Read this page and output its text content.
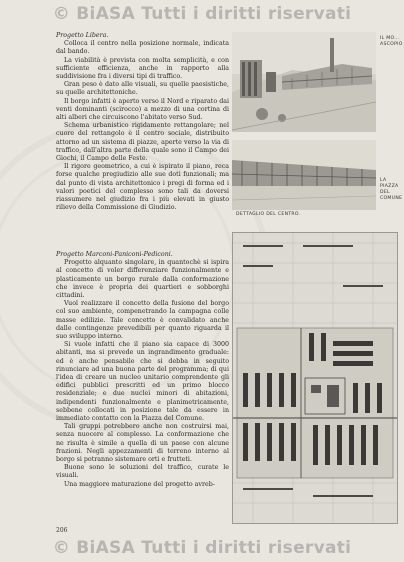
© BiASA Tutti i diritti riservati

Progetto Libera.

Colloca il centro nella posizione normale, indicata dal bando.

La viabilità è prevista con molta semplicità, e con sufficiente efficienza, anche in rapporto alla suddivisione fra i diversi tipi di traffico.

Gran peso è dato alle visuali, su quelle paesistiche, su quelle architettoniche.

Il borgo infatti è aperto verso il Nord e riparato dai venti dominanti (scirocco) a mezzo di una cortina di alti alberi che circuiscono l'abitato verso Sud.

Schema urbanistico rigidamente rettangolare; nel cuore del rettangolo è il centro sociale, distribuito attorno ad un sistema di piazze, aperte verso la via di traffico, dall'altra parte della quale sono il Campo dei Giochi, il Campo delle Feste.

Il rigore geometrico, a cui è ispirato il piano, reca forse qualche pregiudizio alle sue doti funzionali; ma dal punto di vista architettonico i pregi di forma ed i valori poetici del complesso sono tali da doversi riassumere nel giudizio fra i più elevati in giusto rilievo della Commissione di Giudizio.

Progetto Marconi-Paniconi-Pediconi.

Progetto alquanto singolare, in quantochè si ispira al concetto di voler differenziare funzionalmente e plasticamente un borgo rurale dalla conformazione che invece è propria dei quartieri e sobborghi cittadini.

Vuol realizzare il concetto della fusione del borgo col suo ambiente, compenetrando la campagna colle masse edilizie. Tale concetto è convalidato anche dalle contingenze prevedibili per quanto riguarda il suo sviluppo interno.

Si vuole infatti che il piano sia capace di 3000 abitanti, ma si prevede un ingrandimento graduale: ed è anche pensabile che si debba in seguito rinunciare ad una buona parte del programma; di qui l'idea di creare un nucleo unitario comprendente gli edifici pubblici prescritti ed un primo blocco residenziale; e due nuclei minori di abitazioni, indipendenti funzionalmente e planimetricamente, sebbene collocati in posizione tale da essere in immediato contatto con la Piazza del Comune.

Tali gruppi potrebbero anche non costruirsi mai, senza nuocere al complesso. La conformazione che ne risulta è simile a quella di un paese con alcune frazioni. Negli appezzamenti di terreno interno al borgo si potranno sistemare orti e frutteti.

Buone sono le soluzioni del traffico, curate le visuali.

Una maggiore maturazione del progetto avreb-

IL MO... ASCOPIO
LA PIAZZA DEL COMUNE
DETTAGLIO DEL CENTRO.
206
© BiASA Tutti i diritti riservati
